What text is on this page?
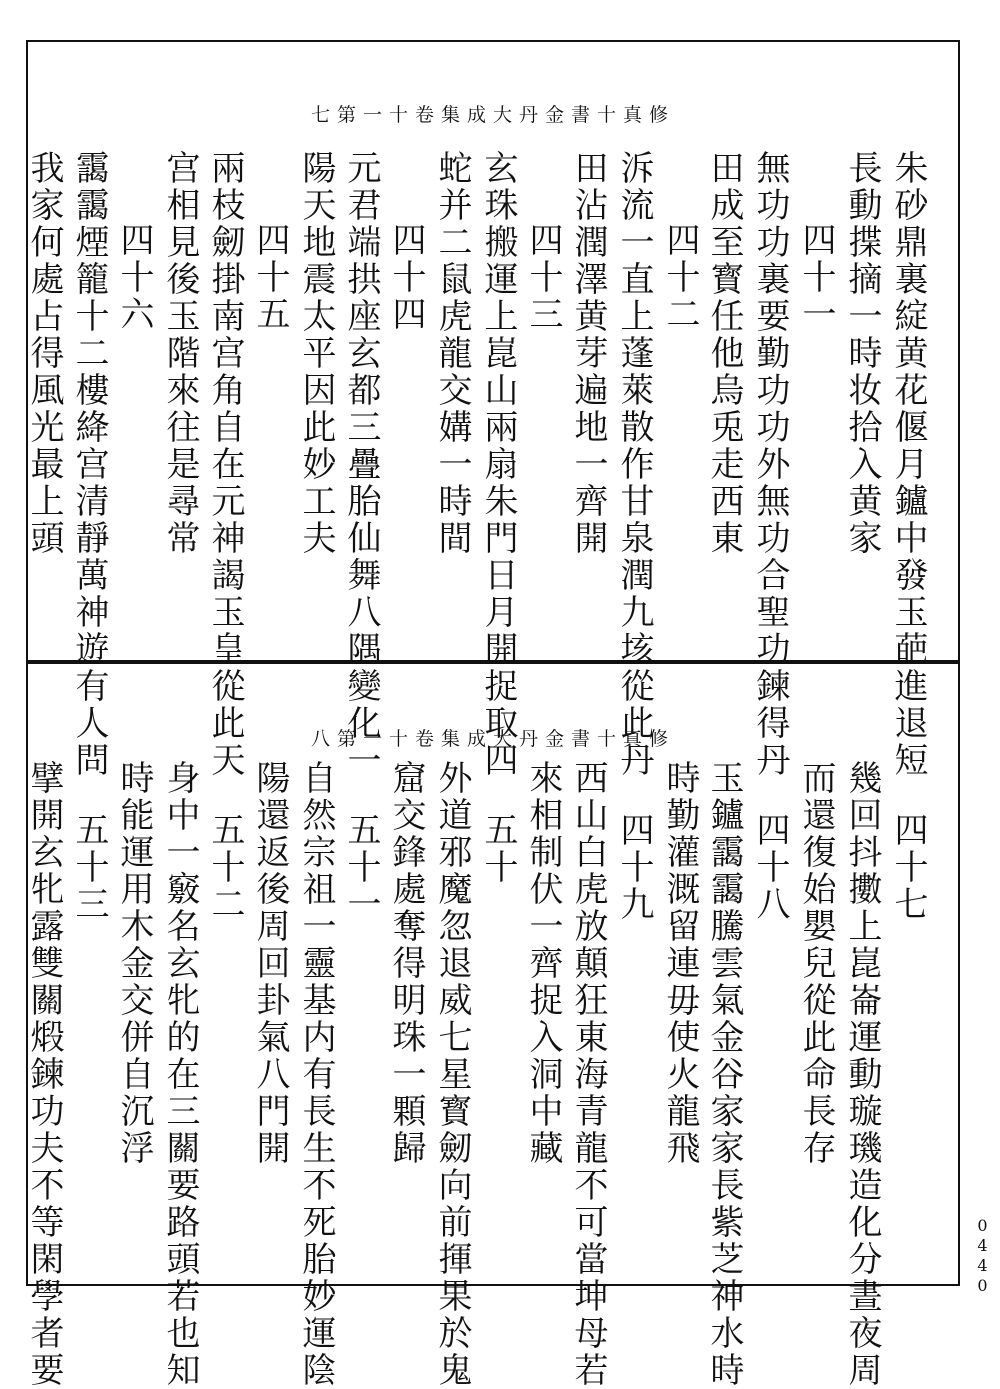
修真十書金丹大成集卷十一第七
朱砂鼎裏綻黄花偃月鑪中發玉葩進退短
長動揲摘一時妆拾入黄家
四十一
無功功裏要勤功功外無功合聖功鍊得丹
田成至寳任他烏兎走西東
四十二
泝流一直上蓬萊散作甘泉潤九垓從此丹
田沾潤澤黄芽遍地一齊開
四十三
玄珠搬運上崑山兩扇朱門日月開捉取四
蛇并二鼠虎龍交媾一時間
四十四
元君端拱座玄都三疊胎仙舞八隅變化一
陽天地震太平因此妙工夫
四十五
兩枝劒掛南宫角自在元神謁玉皇從此天
宫相見後玉階來往是尋常
四十六
靄靄煙籠十二樓絳宫清靜萬神遊有人問
我家何處占得風光最上頭
修真十書金丹大成集卷十一第八
四十七
幾回抖擻上崑崙運動璇璣造化分晝夜周
而還復始嬰兒從此命長存
四十八
玉鑪靄靄騰雲氣金谷家家長紫芝神水時
時勤灌溉留連毋使火龍飛
四十九
西山白虎放顛狂東海青龍不可當坤母若
來相制伏一齊捉入洞中藏
五十
外道邪魔忽退威七星寳劒向前揮果於鬼
窟交鋒處奪得明珠一顆歸
五十一
自然宗祖一靈基内有長生不死胎妙運陰
陽還返後周回卦氣八門開
五十二
身中一竅名玄牝的在三關要路頭若也知
時能運用木金交併自沉浮
五十三
擘開玄牝露雙關煅鍊功夫不等閑學者要	0440
